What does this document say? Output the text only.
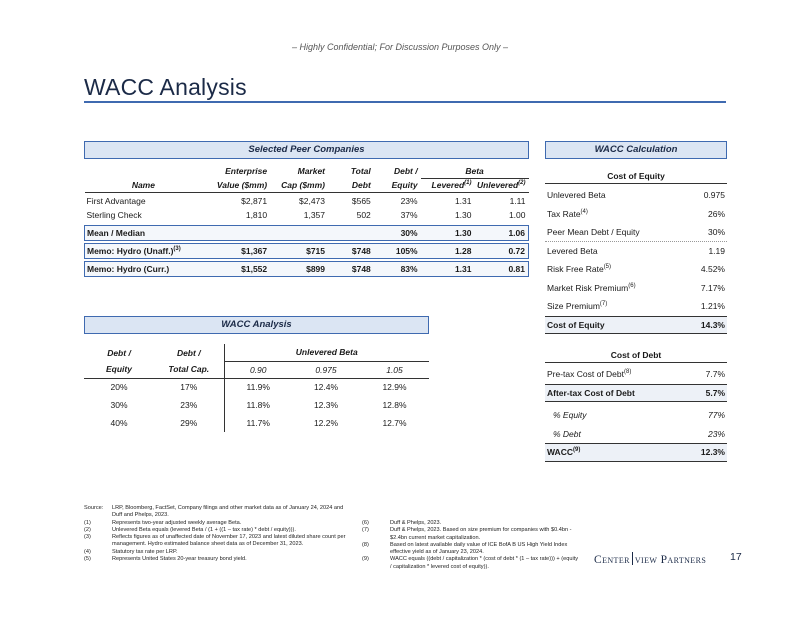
– Highly Confidential; For Discussion Purposes Only –
WACC Analysis
Selected Peer Companies
	Enterprise	Market	Total	Debt /	Beta	
Name	Value ($mm)	Cap ($mm)	Debt	Equity	Levered$^{(1)}$	Unlevered$^{(2)}$
First Advantage	$2,871	$2,473	$565	23%	1.31	1.11
Sterling Check	1,810	1,357	502	37%	1.30	1.00

Mean / Median				30%	1.30	1.06

Memo: Hydro (Unaff.)$^{(3)}$	$1,367	$715	$748	105%	1.28	0.72

Memo: Hydro (Curr.)	$1,552	$899	$748	83%	1.31	0.81
WACC Analysis
Debt /	Debt /	Unlevered Beta		
Equity	Total Cap.	0.90	0.975	1.05
20%	17%	11.9%	12.4%	12.9%
30%	23%	11.8%	12.3%	12.8%
40%	29%	11.7%	12.2%	12.7%
WACC Calculation
Cost of Equity
Unlevered Beta	0.975
Tax Rate$^{(4)}$	26%
Peer Mean Debt / Equity	30%
Levered Beta	1.19
Risk Free Rate$^{(5)}$	4.52%
Market Risk Premium$^{(6)}$	7.17%
Size Premium$^{(7)}$	1.21%
Cost of Equity	14.3%
Cost of Debt
Pre-tax Cost of Debt$^{(8)}$	7.7%
After-tax Cost of Debt	5.7%
% Equity	77%
% Debt	23%
WACC$^{(9)}$	12.3%
Source:	LRP, Bloomberg, FactSet, Company filings and other market data as of January 24, 2024 and Duff and Phelps, 2023.
(1)	Represents two-year adjusted weekly average Beta.
(2)	Unlevered Beta equals (levered Beta / (1 + ((1 – tax rate) * debt / equity))).
(3)	Reflects figures as of unaffected date of November 17, 2023 and latest diluted share count per management. Hydro estimated balance sheet data as of December 31, 2023.
(4)	Statutory tax rate per LRP.
(5)	Represents United States 20-year treasury bond yield.
(6)	Duff & Phelps, 2023.
(7)	Duff & Phelps, 2023. Based on size premium for companies with $0.4bn - $2.4bn current market capitalization.
(8)	Based on latest available daily value of ICE BofA B US High Yield Index effective yield as of January 23, 2024.
(9)	WACC equals ((debt / capitalization * (cost of debt * (1 – tax rate))) + (equity / capitalization * levered cost of equity)).
Center view Partners 17
